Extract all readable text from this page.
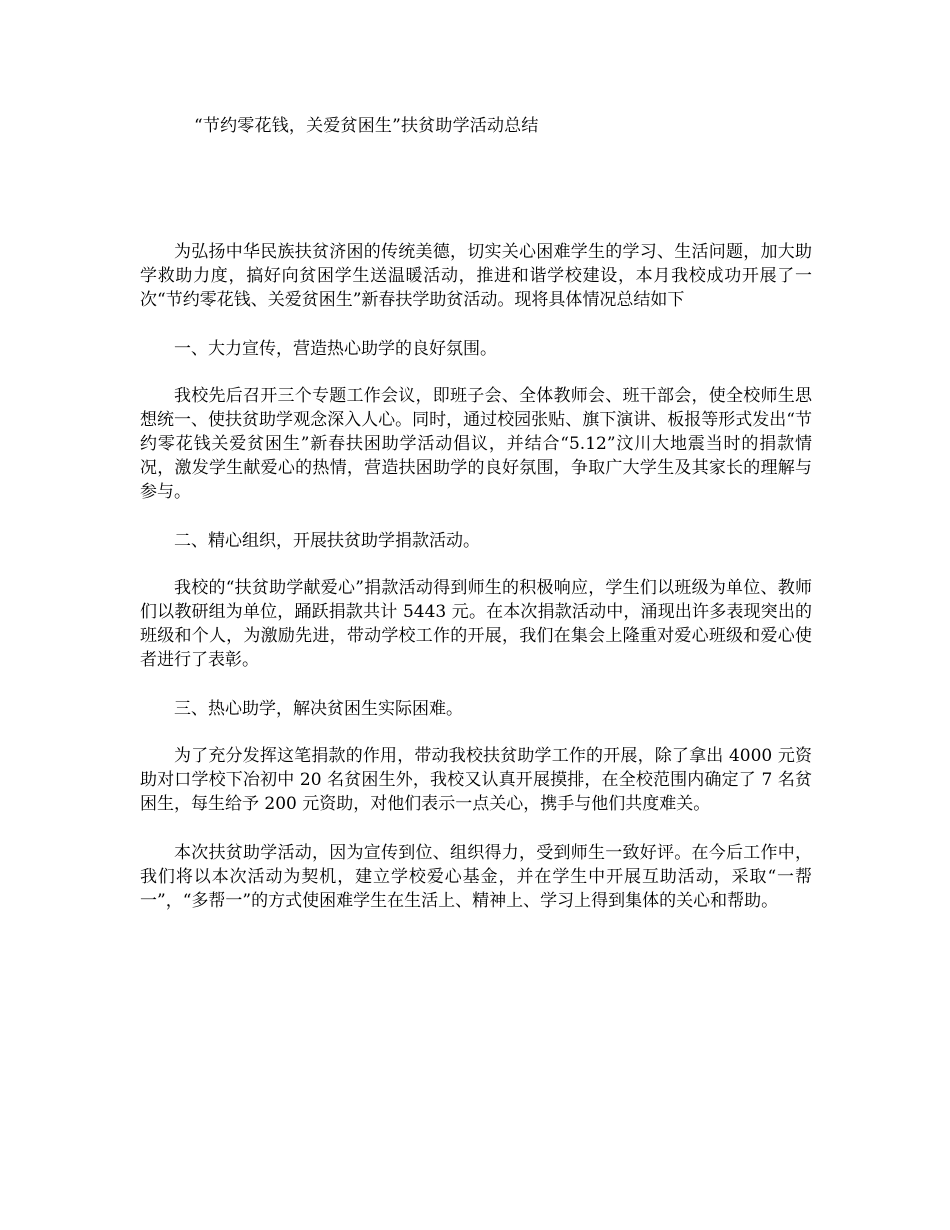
“节约零花钱，关爱贫困生”扶贫助学活动总结

为弘扬中华民族扶贫济困的传统美德，切实关心困难学生的学习、生活问题，加大助学救助力度，搞好向贫困学生送温暖活动，推进和谐学校建设，本月我校成功开展了一次“节约零花钱、关爱贫困生”新春扶学助贫活动。现将具体情况总结如下

一、大力宣传，营造热心助学的良好氛围。

我校先后召开三个专题工作会议，即班子会、全体教师会、班干部会，使全校师生思想统一、使扶贫助学观念深入人心。同时，通过校园张贴、旗下演讲、板报等形式发出“节约零花钱关爱贫困生”新春扶困助学活动倡议，并结合“5.12”汶川大地震当时的捐款情况，激发学生献爱心的热情，营造扶困助学的良好氛围，争取广大学生及其家长的理解与参与。

二、精心组织，开展扶贫助学捐款活动。

我校的“扶贫助学献爱心”捐款活动得到师生的积极响应，学生们以班级为单位、教师们以教研组为单位，踊跃捐款共计 5443 元。在本次捐款活动中，涌现出许多表现突出的班级和个人，为激励先进，带动学校工作的开展，我们在集会上隆重对爱心班级和爱心使者进行了表彰。

三、热心助学，解决贫困生实际困难。

为了充分发挥这笔捐款的作用，带动我校扶贫助学工作的开展，除了拿出 4000 元资助对口学校下冶初中 20 名贫困生外，我校又认真开展摸排，在全校范围内确定了 7 名贫困生，每生给予 200 元资助，对他们表示一点关心，携手与他们共度难关。

本次扶贫助学活动，因为宣传到位、组织得力，受到师生一致好评。在今后工作中，我们将以本次活动为契机，建立学校爱心基金，并在学生中开展互助活动，采取“一帮一”，“多帮一”的方式使困难学生在生活上、精神上、学习上得到集体的关心和帮助。
